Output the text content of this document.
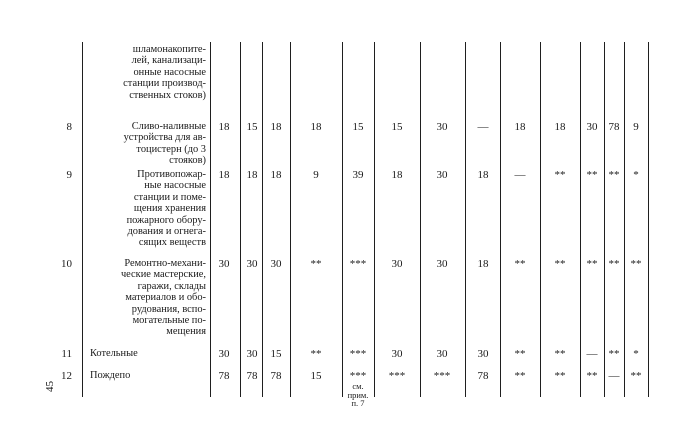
шламонакопите-
лей, канализаци-
онные насосные
станции производ-
ственных стоков)
8	Сливо-наливные
устройства для ав-
тоцистерн (до 3
стояков)
18	15	18	18	15	15	30	—	18	18	30	78	9
9	Противопожар-
ные насосные
станции и поме-
щения хранения
пожарного обору-
дования и огнега-
сящих веществ
18	18	18	9	39	18	30	18	—	**	**	**	*
10	Ремонтно-механи-
ческие мастерские,
гаражи, склады
материалов и обо-
рудования, вспо-
могательные по-
мещения
30	30	30	**	***	30	30	18	**	**	**	**	**
11 Котельные	30	30	15	**	***	30	30	30	**	**	—	**	*
12 Пождепо	78	78	78	15	***	***	***	78	**	**	**	—	**
см.
прим.
п. 7
45
